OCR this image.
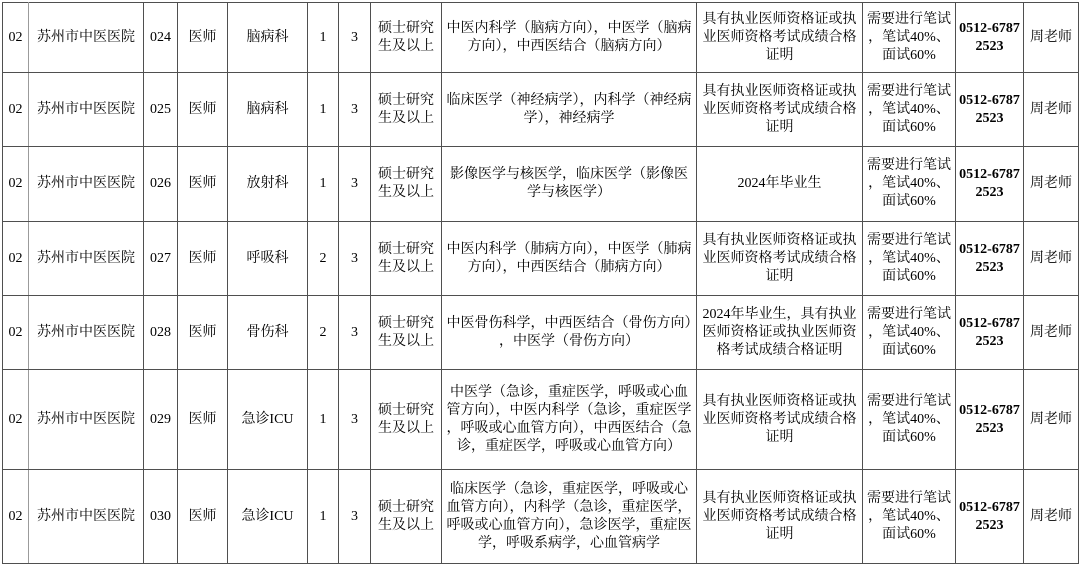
02	苏州市中医医院	024	医师	脑病科	1	3	硕士研究生及以上	中医内科学（脑病方向），中医学（脑病方向），中西医结合（脑病方向）	具有执业医师资格证或执业医师资格考试成绩合格证明	需要进行笔试，笔试40%、面试60%	0512-67872523	周老师
02	苏州市中医医院	025	医师	脑病科	1	3	硕士研究生及以上	临床医学（神经病学），内科学（神经病学），神经病学	具有执业医师资格证或执业医师资格考试成绩合格证明	需要进行笔试，笔试40%、面试60%	0512-67872523	周老师
02	苏州市中医医院	026	医师	放射科	1	3	硕士研究生及以上	影像医学与核医学，临床医学（影像医学与核医学）	2024年毕业生	需要进行笔试，笔试40%、面试60%	0512-67872523	周老师
02	苏州市中医医院	027	医师	呼吸科	2	3	硕士研究生及以上	中医内科学（肺病方向），中医学（肺病方向），中西医结合（肺病方向）	具有执业医师资格证或执业医师资格考试成绩合格证明	需要进行笔试，笔试40%、面试60%	0512-67872523	周老师
02	苏州市中医医院	028	医师	骨伤科	2	3	硕士研究生及以上	中医骨伤科学，中西医结合（骨伤方向），中医学（骨伤方向）	2024年毕业生，具有执业医师资格证或执业医师资格考试成绩合格证明	需要进行笔试，笔试40%、面试60%	0512-67872523	周老师
02	苏州市中医医院	029	医师	急诊ICU	1	3	硕士研究生及以上	中医学（急诊，重症医学，呼吸或心血管方向），中医内科学（急诊，重症医学，呼吸或心血管方向），中西医结合（急诊，重症医学，呼吸或心血管方向）	具有执业医师资格证或执业医师资格考试成绩合格证明	需要进行笔试，笔试40%、面试60%	0512-67872523	周老师
02	苏州市中医医院	030	医师	急诊ICU	1	3	硕士研究生及以上	临床医学（急诊，重症医学，呼吸或心血管方向），内科学（急诊，重症医学，呼吸或心血管方向），急诊医学，重症医学，呼吸系病学，心血管病学	具有执业医师资格证或执业医师资格考试成绩合格证明	需要进行笔试，笔试40%、面试60%	0512-67872523	周老师
